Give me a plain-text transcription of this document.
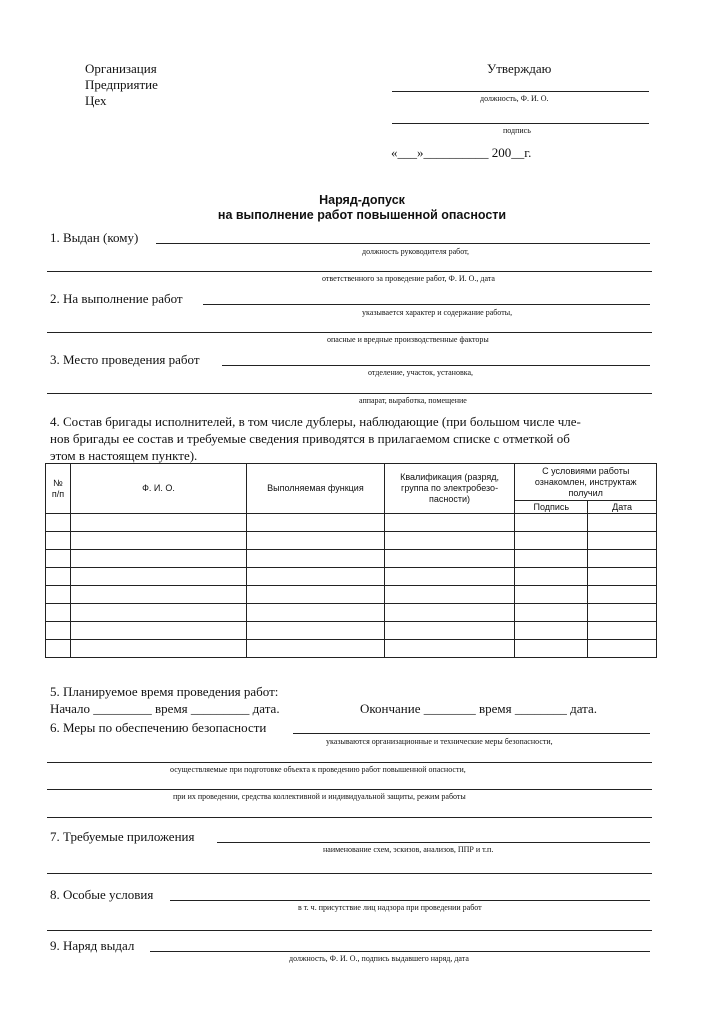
Организация
Предприятие
Цех
Утверждаю
должность, Ф. И. О.
подпись
«___»__________ 200__г.
Наряд-допуск
на выполнение работ повышенной опасности
1. Выдан (кому)
должность руководителя работ,
ответственного за проведение работ, Ф. И. О., дата
2. На выполнение работ
указывается характер и содержание работы,
опасные и вредные производственные факторы
3. Место проведения работ
отделение, участок, установка,
аппарат, выработка, помещение
4. Состав бригады исполнителей, в том числе дублеры, наблюдающие (при большом числе чле-
нов бригады ее состав и требуемые сведения приводятся в прилагаемом списке с отметкой об
этом в настоящем пункте).
№
п/п	Ф. И. О.	Выполняемая функция	Квалификация (разряд,
группа по электробезо-
пасности)	С условиями работы
ознакомлен, инструктаж
получил	
				Подпись	Дата

5. Планируемое время проведения работ:
Начало _________ время _________ дата.	Окончание ________ время ________ дата.
6. Меры по обеспечению безопасности
указываются организационные и технические меры безопасности,
осуществляемые при подготовке объекта к проведению работ повышенной опасности,
при их проведении, средства коллективной и индивидуальной защиты, режим работы
7. Требуемые приложения
наименование схем, эскизов, анализов, ППР и т.п.
8. Особые условия
в т. ч. присутствие лиц надзора при проведении работ
9. Наряд выдал
должность, Ф. И. О., подпись выдавшего наряд, дата
